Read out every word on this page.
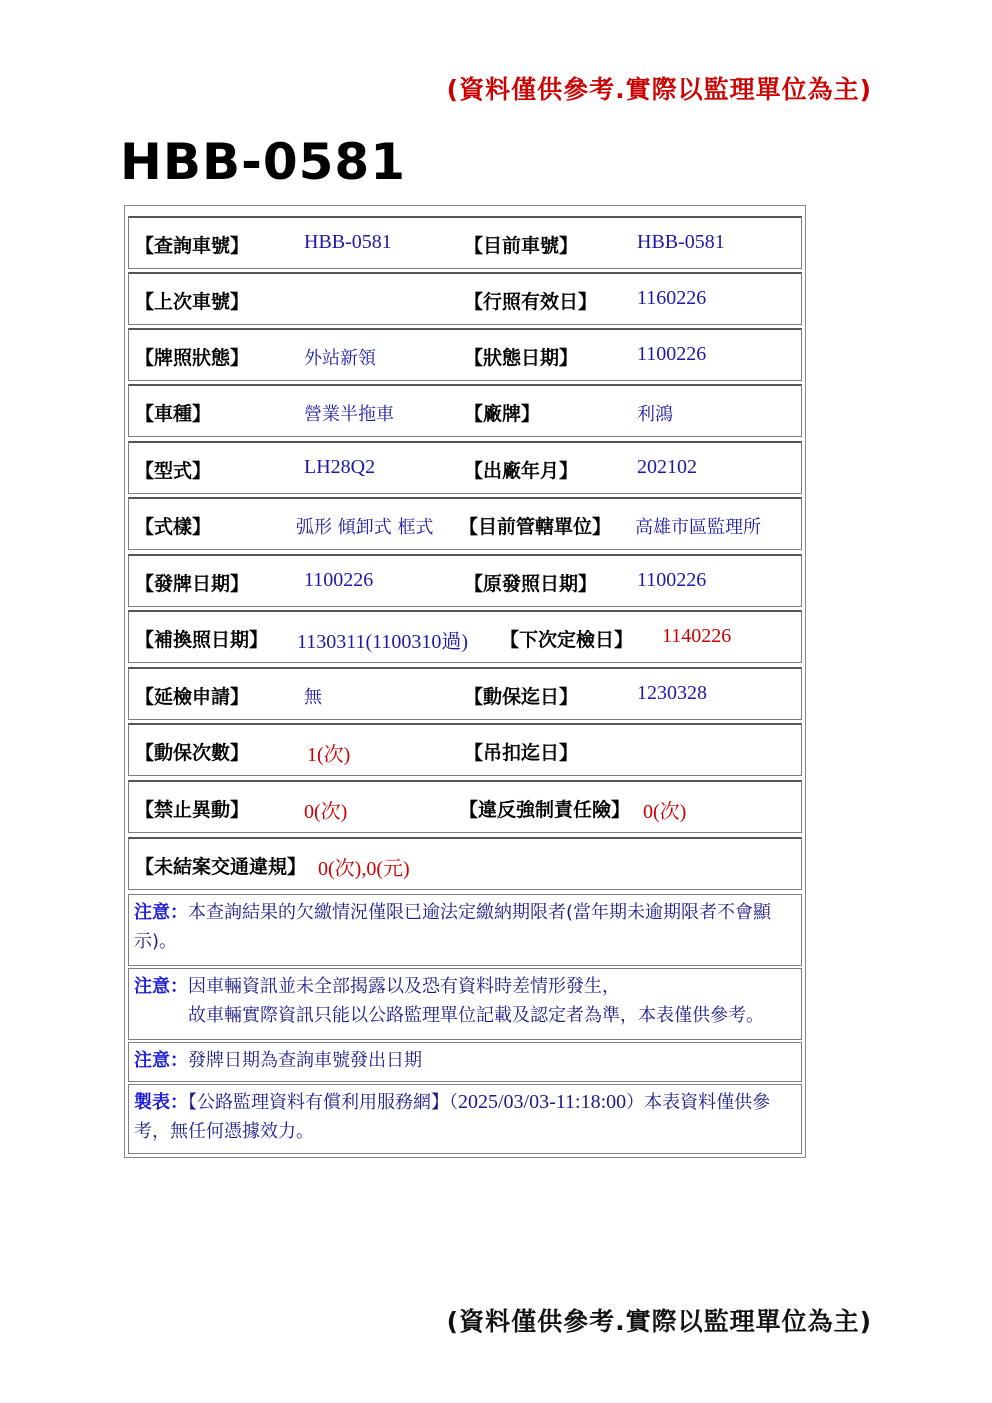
(資料僅供參考.實際以監理單位為主)
HBB-0581
【查詢車號】	HBB-0581	【目前車號】	HBB-0581
【上次車號】	【行照有效日】 1160226
【牌照狀態】	外站新領	【狀態日期】	1100226
【車種】	營業半拖車	【廠牌】	利鴻
【型式】	LH28Q2	【出廠年月】	202102
【式樣】	弧形 傾卸式 框式 【目前管轄單位】 高雄市區監理所
【發牌日期】	1100226	【原發照日期】 1100226
【補換照日期】 1130311(1100310過) 【下次定檢日】 1140226
【延檢申請】	無	【動保迄日】	1230328
【動保次數】	1(次)	【吊扣迄日】
【禁止異動】	0(次)	【違反強制責任險】 0(次)
【未結案交通違規】 0(次),0(元)
注意：本查詢結果的欠繳情況僅限已逾法定繳納期限者(當年期未逾期限者不會顯示)。
注意：因車輛資訊並未全部揭露以及恐有資料時差情形發生，
故車輛實際資訊只能以公路監理單位記載及認定者為準，本表僅供參考。
注意：發牌日期為查詢車號發出日期
製表：【公路監理資料有償利用服務網】（2025/03/03-11:18:00）本表資料僅供參考，無任何憑據效力。
(資料僅供參考.實際以監理單位為主)
